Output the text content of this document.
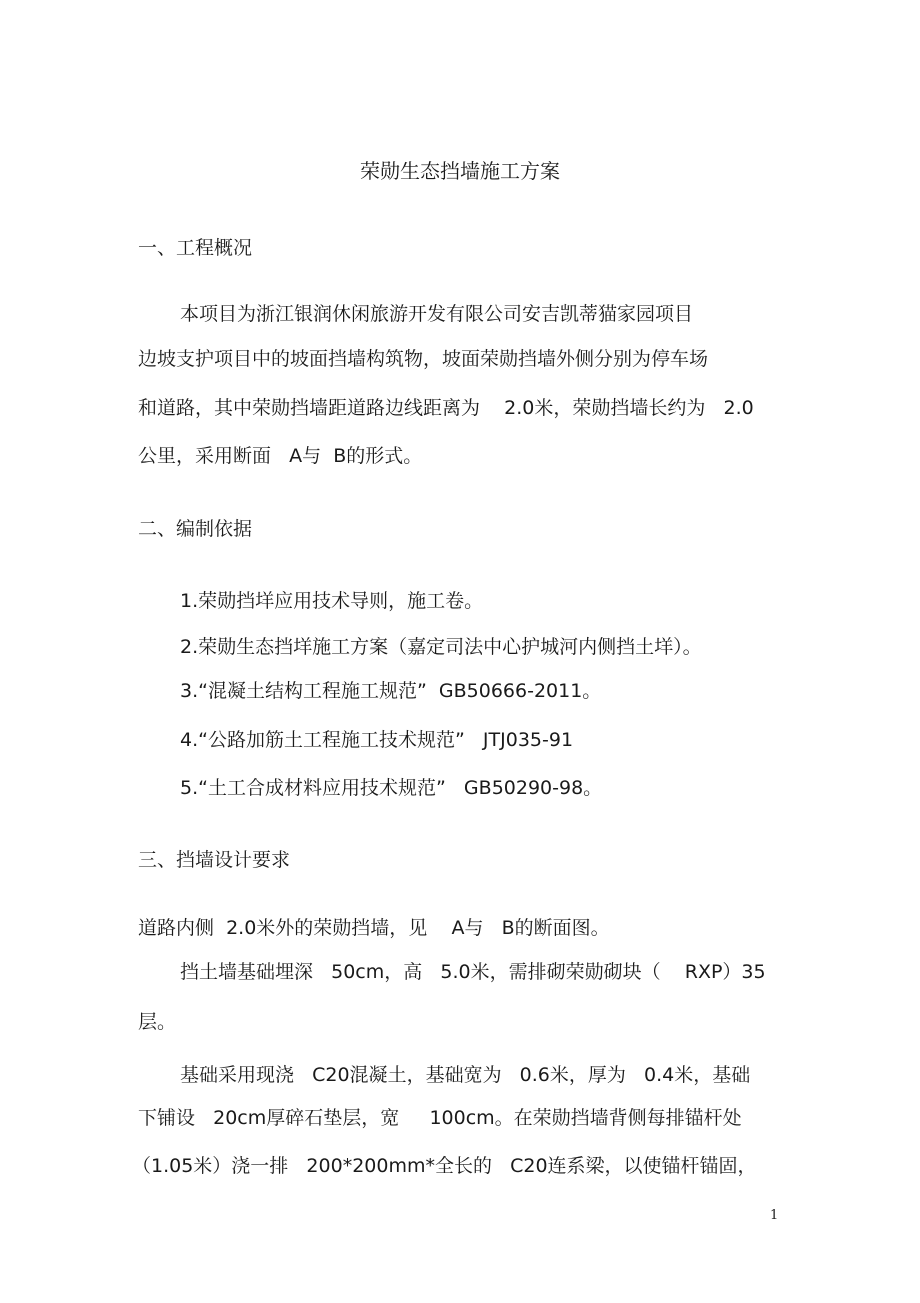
荣勋生态挡墙施工方案
一、工程概况
本项目为浙江银润休闲旅游开发有限公司安吉凯蒂猫家园项目
边坡支护项目中的坡面挡墙构筑物，坡面荣勋挡墙外侧分别为停车场
和道路，其中荣勋挡墙距道路边线距离为    2.0米，荣勋挡墙长约为   2.0
公里，采用断面   A与  B的形式。
二、编制依据
1.荣勋挡垟应用技术导则，施工卷。
2.荣勋生态挡垟施工方案（嘉定司法中心护城河内侧挡土垟）。
3.“混凝土结构工程施工规范”  GB50666-2011。
4.“公路加筋土工程施工技术规范”   JTJ035-91
5.“土工合成材料应用技术规范”   GB50290-98。
三、挡墙设计要求
道路内侧  2.0米外的荣勋挡墙，见    A与   B的断面图。
挡土墙基础埋深   50cm，高   5.0米，需排砌荣勋砌块（    RXP）35
层。
基础采用现浇   C20混凝土，基础宽为   0.6米，厚为   0.4米，基础
下铺设   20cm厚碎石垫层，宽     100cm。在荣勋挡墙背侧每排锚杆处
（1.05米）浇一排   200*200mm*全长的   C20连系梁，以使锚杆锚固，
1
